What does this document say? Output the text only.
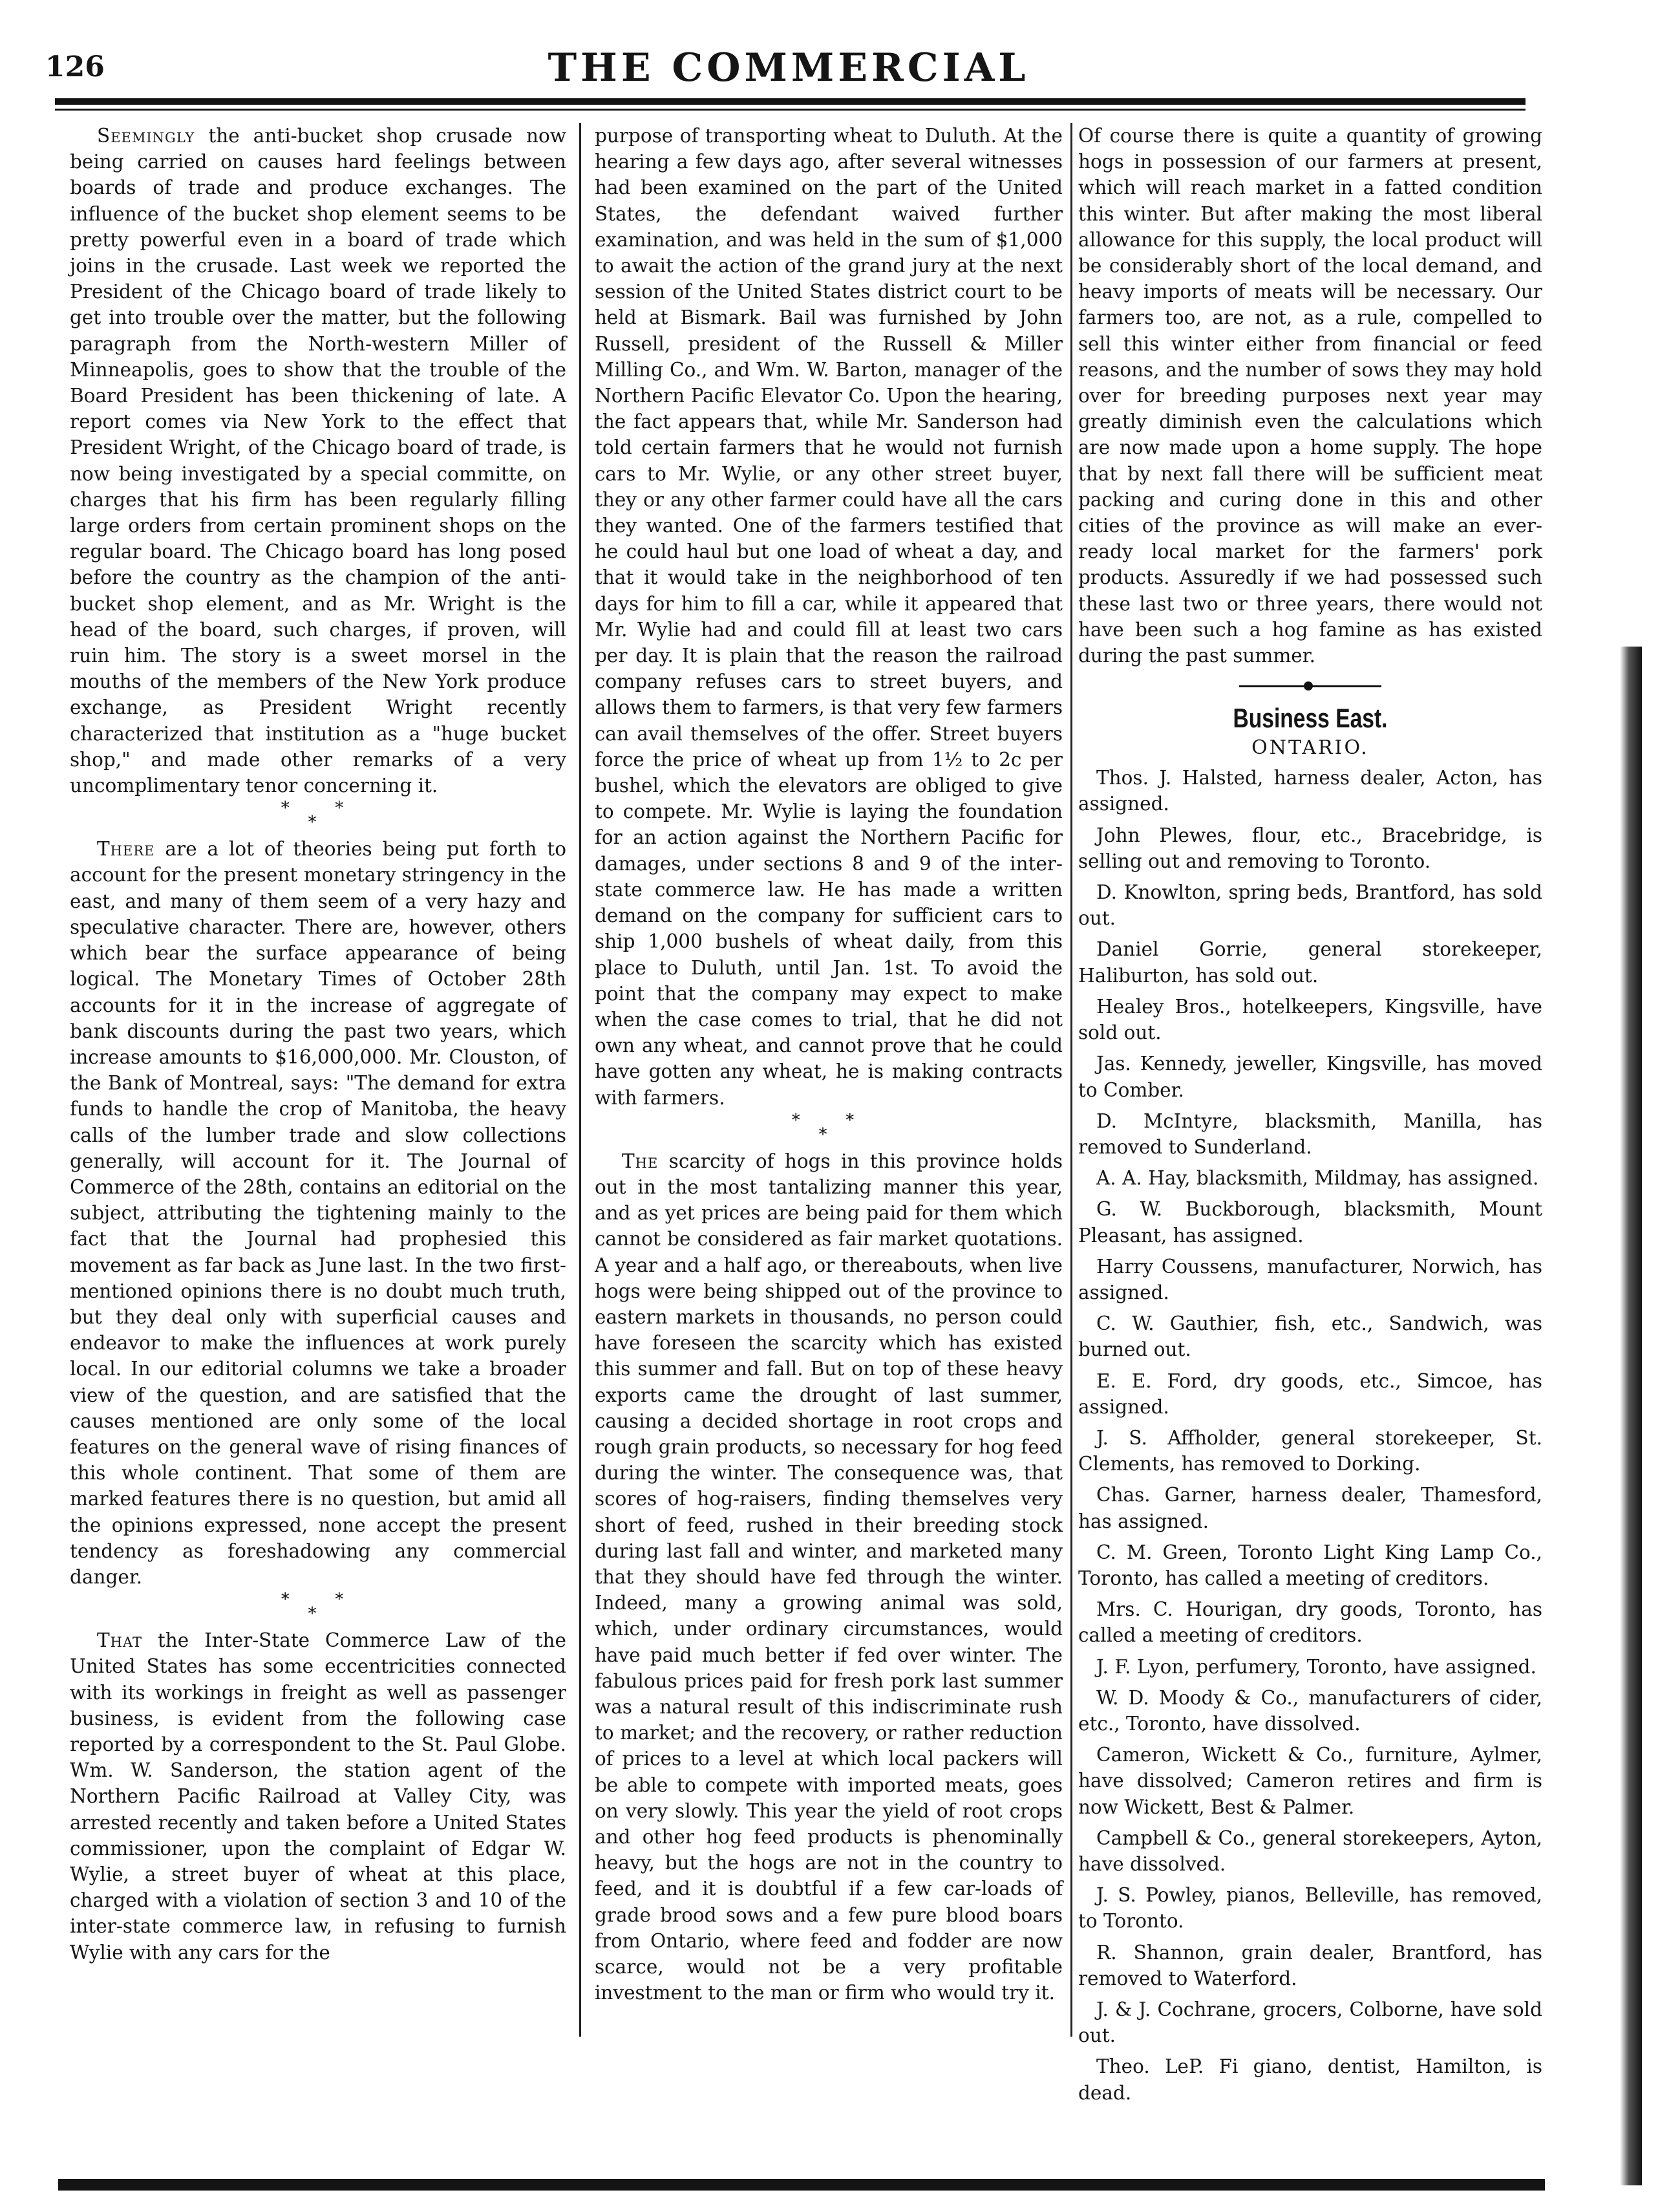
126	THE COMMERCIAL

Seemingly the anti-bucket shop crusade now being carried on causes hard feelings between boards of trade and produce exchanges. The influence of the bucket shop element seems to be pretty powerful even in a board of trade which joins in the crusade. Last week we reported the President of the Chicago board of trade likely to get into trouble over the matter, but the following paragraph from the North-western Miller of Minneapolis, goes to show that the trouble of the Board President has been thickening of late. A report comes via New York to the effect that President Wright, of the Chicago board of trade, is now being investigated by a special committe, on charges that his firm has been regularly filling large orders from certain prominent shops on the regular board. The Chicago board has long posed before the country as the champion of the anti-bucket shop element, and as Mr. Wright is the head of the board, such charges, if proven, will ruin him. The story is a sweet morsel in the mouths of the members of the New York produce exchange, as President Wright recently characterized that institution as a "huge bucket shop," and made other remarks of a very uncomplimentary tenor concerning it.

*  *
*

There are a lot of theories being put forth to account for the present monetary stringency in the east, and many of them seem of a very hazy and speculative character. There are, however, others which bear the surface appearance of being logical. The Monetary Times of October 28th accounts for it in the increase of aggregate of bank discounts during the past two years, which increase amounts to $16,000,000. Mr. Clouston, of the Bank of Montreal, says: "The demand for extra funds to handle the crop of Manitoba, the heavy calls of the lumber trade and slow collections generally, will account for it. The Journal of Commerce of the 28th, contains an editorial on the subject, attributing the tightening mainly to the fact that the Journal had prophesied this movement as far back as June last. In the two first-mentioned opinions there is no doubt much truth, but they deal only with superficial causes and endeavor to make the influences at work purely local. In our editorial columns we take a broader view of the question, and are satisfied that the causes mentioned are only some of the local features on the general wave of rising finances of this whole continent. That some of them are marked features there is no question, but amid all the opinions expressed, none accept the present tendency as foreshadowing any commercial danger.

*  *
*

That the Inter-State Commerce Law of the United States has some eccentricities connected with its workings in freight as well as passenger business, is evident from the following case reported by a correspondent to the St. Paul Globe. Wm. W. Sanderson, the station agent of the Northern Pacific Railroad at Valley City, was arrested recently and taken before a United States commissioner, upon the complaint of Edgar W. Wylie, a street buyer of wheat at this place, charged with a violation of section 3 and 10 of the inter-state commerce law, in refusing to furnish Wylie with any cars for the

purpose of transporting wheat to Duluth. At the hearing a few days ago, after several witnesses had been examined on the part of the United States, the defendant waived further examination, and was held in the sum of $1,000 to await the action of the grand jury at the next session of the United States district court to be held at Bismark. Bail was furnished by John Russell, president of the Russell & Miller Milling Co., and Wm. W. Barton, manager of the Northern Pacific Elevator Co. Upon the hearing, the fact appears that, while Mr. Sanderson had told certain farmers that he would not furnish cars to Mr. Wylie, or any other street buyer, they or any other farmer could have all the cars they wanted. One of the farmers testified that he could haul but one load of wheat a day, and that it would take in the neighborhood of ten days for him to fill a car, while it appeared that Mr. Wylie had and could fill at least two cars per day. It is plain that the reason the railroad company refuses cars to street buyers, and allows them to farmers, is that very few farmers can avail themselves of the offer. Street buyers force the price of wheat up from 1½ to 2c per bushel, which the elevators are obliged to give to compete. Mr. Wylie is laying the foundation for an action against the Northern Pacific for damages, under sections 8 and 9 of the inter-state commerce law. He has made a written demand on the company for sufficient cars to ship 1,000 bushels of wheat daily, from this place to Duluth, until Jan. 1st. To avoid the point that the company may expect to make when the case comes to trial, that he did not own any wheat, and cannot prove that he could have gotten any wheat, he is making contracts with farmers.

*  *
*

The scarcity of hogs in this province holds out in the most tantalizing manner this year, and as yet prices are being paid for them which cannot be considered as fair market quotations. A year and a half ago, or thereabouts, when live hogs were being shipped out of the province to eastern markets in thousands, no person could have foreseen the scarcity which has existed this summer and fall. But on top of these heavy exports came the drought of last summer, causing a decided shortage in root crops and rough grain products, so necessary for hog feed during the winter. The consequence was, that scores of hog-raisers, finding themselves very short of feed, rushed in their breeding stock during last fall and winter, and marketed many that they should have fed through the winter. Indeed, many a growing animal was sold, which, under ordinary circumstances, would have paid much better if fed over winter. The fabulous prices paid for fresh pork last summer was a natural result of this indiscriminate rush to market; and the recovery, or rather reduction of prices to a level at which local packers will be able to compete with imported meats, goes on very slowly. This year the yield of root crops and other hog feed products is phenominally heavy, but the hogs are not in the country to feed, and it is doubtful if a few car-loads of grade brood sows and a few pure blood boars from Ontario, where feed and fodder are now scarce, would not be a very profitable investment to the man or firm who would try it.

Of course there is quite a quantity of growing hogs in possession of our farmers at present, which will reach market in a fatted condition this winter. But after making the most liberal allowance for this supply, the local product will be considerably short of the local demand, and heavy imports of meats will be necessary. Our farmers too, are not, as a rule, compelled to sell this winter either from financial or feed reasons, and the number of sows they may hold over for breeding purposes next year may greatly diminish even the calculations which are now made upon a home supply. The hope that by next fall there will be sufficient meat packing and curing done in this and other cities of the province as will make an ever-ready local market for the farmers' pork products. Assuredly if we had possessed such these last two or three years, there would not have been such a hog famine as has existed during the past summer.

Business East.
ONTARIO.

Thos. J. Halsted, harness dealer, Acton, has assigned.

John Plewes, flour, etc., Bracebridge, is selling out and removing to Toronto.

D. Knowlton, spring beds, Brantford, has sold out.

Daniel Gorrie, general storekeeper, Haliburton, has sold out.

Healey Bros., hotelkeepers, Kingsville, have sold out.

Jas. Kennedy, jeweller, Kingsville, has moved to Comber.

D. McIntyre, blacksmith, Manilla, has removed to Sunderland.

A. A. Hay, blacksmith, Mildmay, has assigned.

G. W. Buckborough, blacksmith, Mount Pleasant, has assigned.

Harry Coussens, manufacturer, Norwich, has assigned.

C. W. Gauthier, fish, etc., Sandwich, was burned out.

E. E. Ford, dry goods, etc., Simcoe, has assigned.

J. S. Affholder, general storekeeper, St. Clements, has removed to Dorking.

Chas. Garner, harness dealer, Thamesford, has assigned.

C. M. Green, Toronto Light King Lamp Co., Toronto, has called a meeting of creditors.

Mrs. C. Hourigan, dry goods, Toronto, has called a meeting of creditors.

J. F. Lyon, perfumery, Toronto, have assigned.

W. D. Moody & Co., manufacturers of cider, etc., Toronto, have dissolved.

Cameron, Wickett & Co., furniture, Aylmer, have dissolved; Cameron retires and firm is now Wickett, Best & Palmer.

Campbell & Co., general storekeepers, Ayton, have dissolved.

J. S. Powley, pianos, Belleville, has removed, to Toronto.

R. Shannon, grain dealer, Brantford, has removed to Waterford.

J. & J. Cochrane, grocers, Colborne, have sold out.

Theo. LeP. Fi giano, dentist, Hamilton, is dead.
